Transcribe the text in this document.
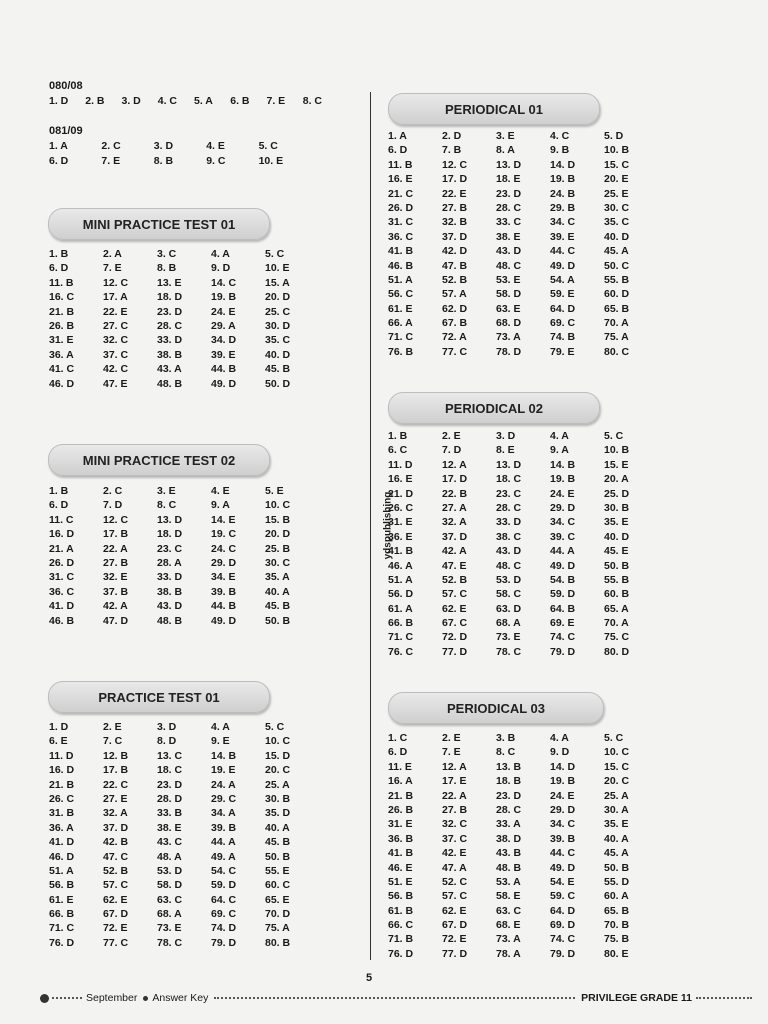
080/08
1. D	2. B	3. D	4. C	5. A	6. B	7. E	8. C
081/09
1. A	2. C	3. D	4. E	5. C
6. D	7. E	8. B	9. C	10. E
MINI PRACTICE TEST 01
1. B	2. A	3. C	4. A	5. C
6. D	7. E	8. B	9. D	10. E
11. B	12. C	13. E	14. C	15. A
16. C	17. A	18. D	19. B	20. D
21. B	22. E	23. D	24. E	25. C
26. B	27. C	28. C	29. A	30. D
31. E	32. C	33. D	34. D	35. C
36. A	37. C	38. B	39. E	40. D
41. C	42. C	43. A	44. B	45. B
46. D	47. E	48. B	49. D	50. D
MINI PRACTICE TEST 02
1. B	2. C	3. E	4. E	5. E
6. D	7. D	8. C	9. A	10. C
11. C	12. C	13. D	14. E	15. B
16. D	17. B	18. D	19. C	20. D
21. A	22. A	23. C	24. C	25. B
26. D	27. B	28. A	29. D	30. C
31. C	32. E	33. D	34. E	35. A
36. C	37. B	38. B	39. B	40. A
41. D	42. A	43. D	44. B	45. B
46. B	47. D	48. B	49. D	50. B
PRACTICE TEST 01
1. D	2. E	3. D	4. A	5. C
6. E	7. C	8. D	9. E	10. C
11. D	12. B	13. C	14. B	15. D
16. D	17. B	18. C	19. E	20. C
21. B	22. C	23. D	24. A	25. A
26. C	27. E	28. D	29. C	30. B
31. B	32. A	33. B	34. A	35. D
36. A	37. D	38. E	39. B	40. A
41. D	42. B	43. C	44. A	45. B
46. D	47. C	48. A	49. A	50. B
51. A	52. B	53. D	54. C	55. E
56. B	57. C	58. D	59. D	60. C
61. E	62. E	63. C	64. C	65. E
66. B	67. D	68. A	69. C	70. D
71. C	72. E	73. E	74. D	75. A
76. D	77. C	78. C	79. D	80. B
ydspublishing
PERIODICAL 01
1. A	2. D	3. E	4. C	5. D
6. D	7. B	8. A	9. B	10. B
11. B	12. C	13. D	14. D	15. C
16. E	17. D	18. E	19. B	20. E
21. C	22. E	23. D	24. B	25. E
26. D	27. B	28. C	29. B	30. C
31. C	32. B	33. C	34. C	35. C
36. C	37. D	38. E	39. E	40. D
41. B	42. D	43. D	44. C	45. A
46. B	47. B	48. C	49. D	50. C
51. A	52. B	53. E	54. A	55. B
56. C	57. A	58. D	59. E	60. D
61. E	62. D	63. E	64. D	65. B
66. A	67. B	68. D	69. C	70. A
71. C	72. A	73. A	74. B	75. A
76. B	77. C	78. D	79. E	80. C
PERIODICAL 02
1. B	2. E	3. D	4. A	5. C
6. C	7. D	8. E	9. A	10. B
11. D	12. A	13. D	14. B	15. E
16. E	17. D	18. C	19. B	20. A
21. D	22. B	23. C	24. E	25. D
26. C	27. A	28. C	29. D	30. B
31. E	32. A	33. D	34. C	35. E
36. E	37. D	38. C	39. C	40. D
41. B	42. A	43. D	44. A	45. E
46. A	47. E	48. C	49. D	50. B
51. A	52. B	53. D	54. B	55. B
56. D	57. C	58. C	59. D	60. B
61. A	62. E	63. D	64. B	65. A
66. B	67. C	68. A	69. E	70. A
71. C	72. D	73. E	74. C	75. C
76. C	77. D	78. C	79. D	80. D
PERIODICAL 03
1. C	2. E	3. B	4. A	5. C
6. D	7. E	8. C	9. D	10. C
11. E	12. A	13. B	14. D	15. C
16. A	17. E	18. B	19. B	20. C
21. B	22. A	23. D	24. E	25. A
26. B	27. B	28. C	29. D	30. A
31. E	32. C	33. A	34. C	35. E
36. B	37. C	38. D	39. B	40. A
41. B	42. E	43. B	44. C	45. A
46. E	47. A	48. B	49. D	50. B
51. E	52. C	53. A	54. E	55. D
56. B	57. C	58. E	59. C	60. A
61. B	62. E	63. C	64. D	65. B
66. C	67. D	68. E	69. D	70. B
71. B	72. E	73. A	74. C	75. B
76. D	77. D	78. A	79. D	80. E
5
September Answer Key	PRIVILEGE GRADE 11
